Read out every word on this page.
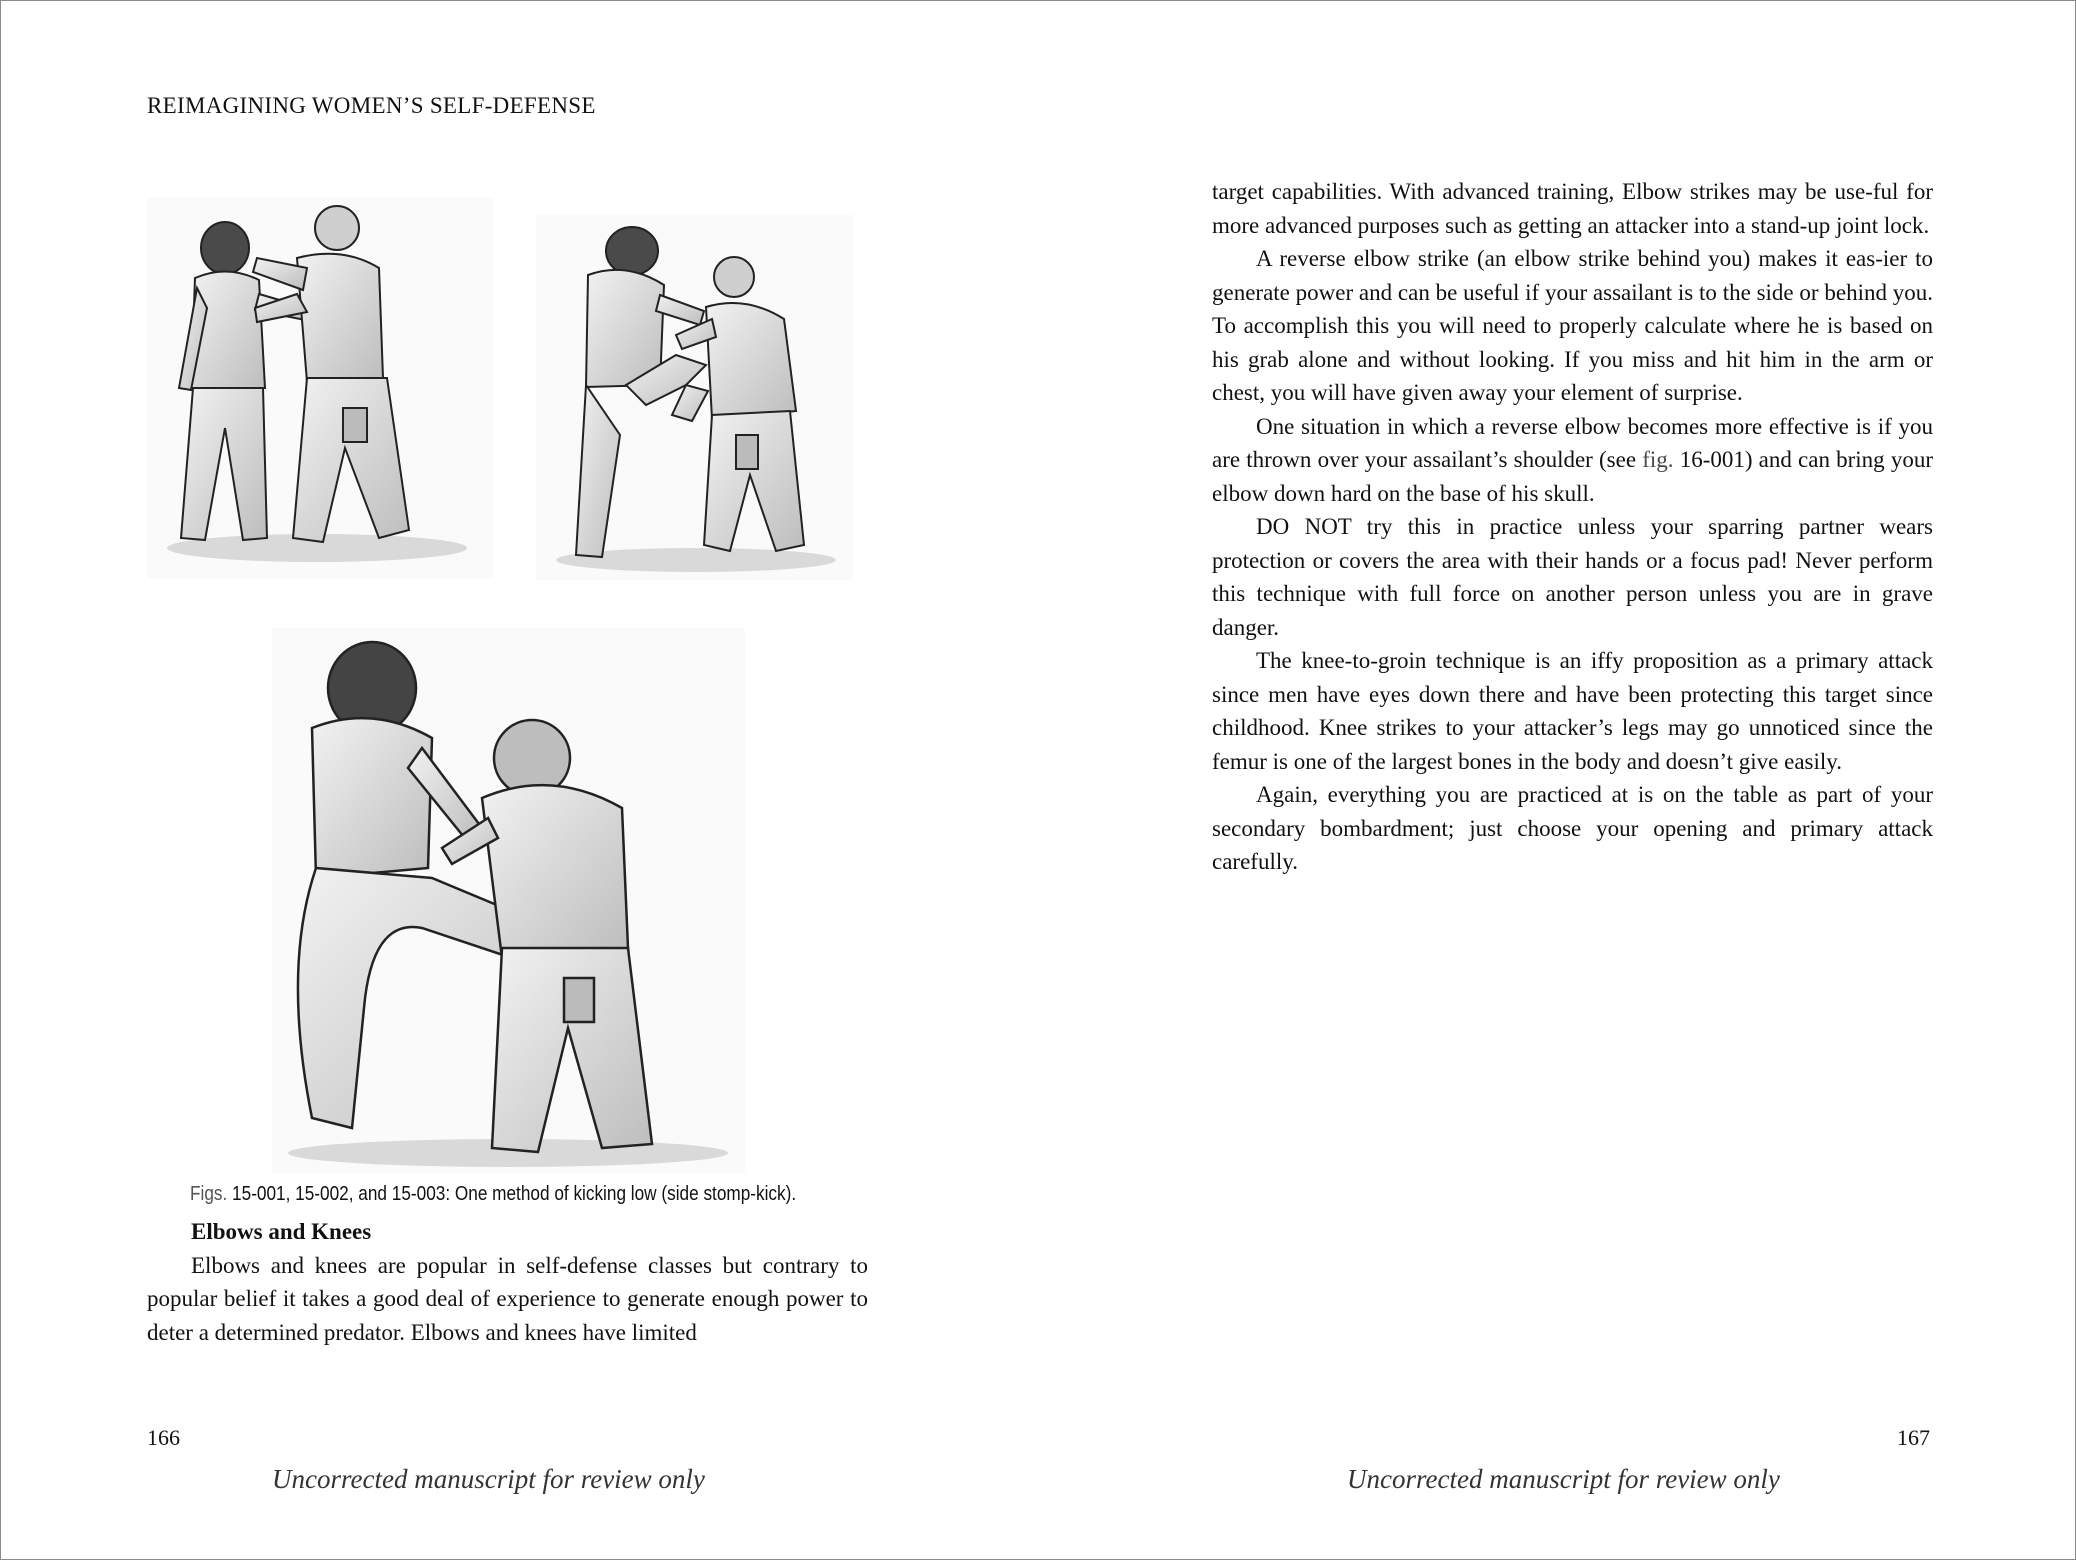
REIMAGINING WOMEN’S SELF-DEFENSE
Figs. 15-001, 15-002, and 15-003: One method of kicking low (side stomp-kick).

Elbows and Knees

Elbows and knees are popular in self-defense classes but contrary to popular belief it takes a good deal of experience to generate enough power to deter a determined predator. Elbows and knees have limited

target capabilities. With advanced training, Elbow strikes may be use-ful for more advanced purposes such as getting an attacker into a stand-up joint lock.

A reverse elbow strike (an elbow strike behind you) makes it eas-ier to generate power and can be useful if your assailant is to the side or behind you. To accomplish this you will need to properly calculate where he is based on his grab alone and without looking. If you miss and hit him in the arm or chest, you will have given away your element of surprise.

One situation in which a reverse elbow becomes more effective is if you are thrown over your assailant’s shoulder (see fig. 16-001) and can bring your elbow down hard on the base of his skull.

DO NOT try this in practice unless your sparring partner wears protection or covers the area with their hands or a focus pad! Never perform this technique with full force on another person unless you are in grave danger.

The knee-to-groin technique is an iffy proposition as a primary attack since men have eyes down there and have been protecting this target since childhood. Knee strikes to your attacker’s legs may go unnoticed since the femur is one of the largest bones in the body and doesn’t give easily.

Again, everything you are practiced at is on the table as part of your secondary bombardment; just choose your opening and primary attack carefully.

166	167
Uncorrected manuscript for review only	Uncorrected manuscript for review only
